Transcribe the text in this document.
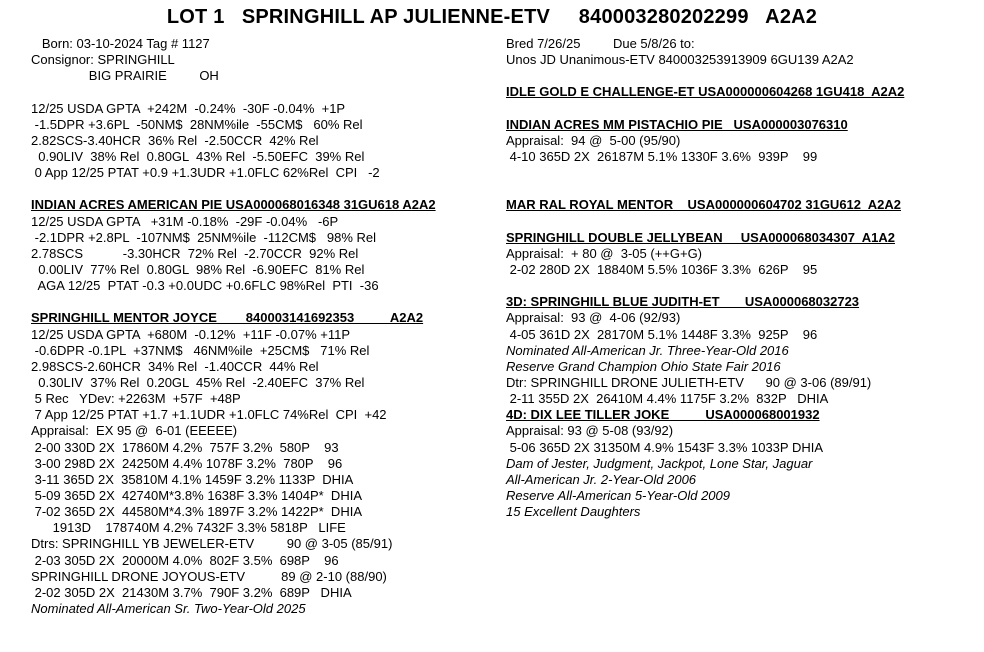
LOT 1   SPRINGHILL AP JULIENNE-ETV     840003280202299   A2A2
Born: 03-10-2024 Tag # 1127
Consignor: SPRINGHILL
BIG PRAIRIE         OH
12/25 USDA GPTA  +242M  -0.24%  -30F -0.04%  +1P
-1.5DPR +3.6PL  -50NM$  28NM%ile  -55CM$   60% Rel
2.82SCS-3.40HCR  36% Rel  -2.50CCR  42% Rel
0.90LIV  38% Rel  0.80GL  43% Rel  -5.50EFC  39% Rel
0 App 12/25 PTAT +0.9 +1.3UDR +1.0FLC 62%Rel  CPI   -2
INDIAN ACRES AMERICAN PIE USA000068016348 31GU618 A2A2
12/25 USDA GPTA   +31M -0.18%  -29F -0.04%   -6P
-2.1DPR +2.8PL  -107NM$  25NM%ile  -112CM$   98% Rel
2.78SCS           -3.30HCR  72% Rel  -2.70CCR  92% Rel
0.00LIV  77% Rel  0.80GL  98% Rel  -6.90EFC  81% Rel
AGA 12/25  PTAT -0.3 +0.0UDC +0.6FLC 98%Rel  PTI  -36
SPRINGHILL MENTOR JOYCE        840003141692353          A2A2
12/25 USDA GPTA  +680M  -0.12%  +11F -0.07% +11P
-0.6DPR -0.1PL  +37NM$   46NM%ile  +25CM$   71% Rel
2.98SCS-2.60HCR  34% Rel  -1.40CCR  44% Rel
0.30LIV  37% Rel  0.20GL  45% Rel  -2.40EFC  37% Rel
5 Rec   YDev: +2263M  +57F  +48P
7 App 12/25 PTAT +1.7 +1.1UDR +1.0FLC 74%Rel  CPI  +42
Appraisal:  EX 95 @  6-01 (EEEEE)
2-00 330D 2X  17860M 4.2%  757F 3.2%  580P    93
3-00 298D 2X  24250M 4.4% 1078F 3.2%  780P    96
3-11 365D 2X  35810M 4.1% 1459F 3.2% 1133P  DHIA
5-09 365D 2X  42740M*3.8% 1638F 3.3% 1404P*  DHIA
7-02 365D 2X  44580M*4.3% 1897F 3.2% 1422P*  DHIA
1913D    178740M 4.2% 7432F 3.3% 5818P   LIFE
Dtrs: SPRINGHILL YB JEWELER-ETV         90 @ 3-05 (85/91)
2-03 305D 2X  20000M 4.0%  802F 3.5%  698P    96
SPRINGHILL DRONE JOYOUS-ETV          89 @ 2-10 (88/90)
2-02 305D 2X  21430M 3.7%  790F 3.2%  689P   DHIA
Nominated All-American Sr. Two-Year-Old 2025
Bred 7/26/25         Due 5/8/26 to:
Unos JD Unanimous-ETV 840003253913909 6GU139 A2A2
IDLE GOLD E CHALLENGE-ET USA000000604268 1GU418  A2A2
INDIAN ACRES MM PISTACHIO PIE   USA000003076310
Appraisal:  94 @  5-00 (95/90)
4-10 365D 2X  26187M 5.1% 1330F 3.6%  939P    99
MAR RAL ROYAL MENTOR    USA000000604702 31GU612  A2A2
SPRINGHILL DOUBLE JELLYBEAN     USA000068034307  A1A2
Appraisal:  + 80 @  3-05 (++G+G)
2-02 280D 2X  18840M 5.5% 1036F 3.3%  626P    95
3D: SPRINGHILL BLUE JUDITH-ET       USA000068032723
Appraisal:  93 @  4-06 (92/93)
4-05 361D 2X  28170M 5.1% 1448F 3.3%  925P    96
Nominated All-American Jr. Three-Year-Old 2016
Reserve Grand Champion Ohio State Fair 2016
Dtr: SPRINGHILL DRONE JULIETH-ETV      90 @ 3-06 (89/91)
2-11 355D 2X  26410M 4.4% 1175F 3.2%  832P   DHIA
4D: DIX LEE TILLER JOKE          USA000068001932
Appraisal: 93 @ 5-08 (93/92)
5-06 365D 2X 31350M 4.9% 1543F 3.3% 1033P DHIA
Dam of Jester, Judgment, Jackpot, Lone Star, Jaguar
All-American Jr. 2-Year-Old 2006
Reserve All-American 5-Year-Old 2009
15 Excellent Daughters
